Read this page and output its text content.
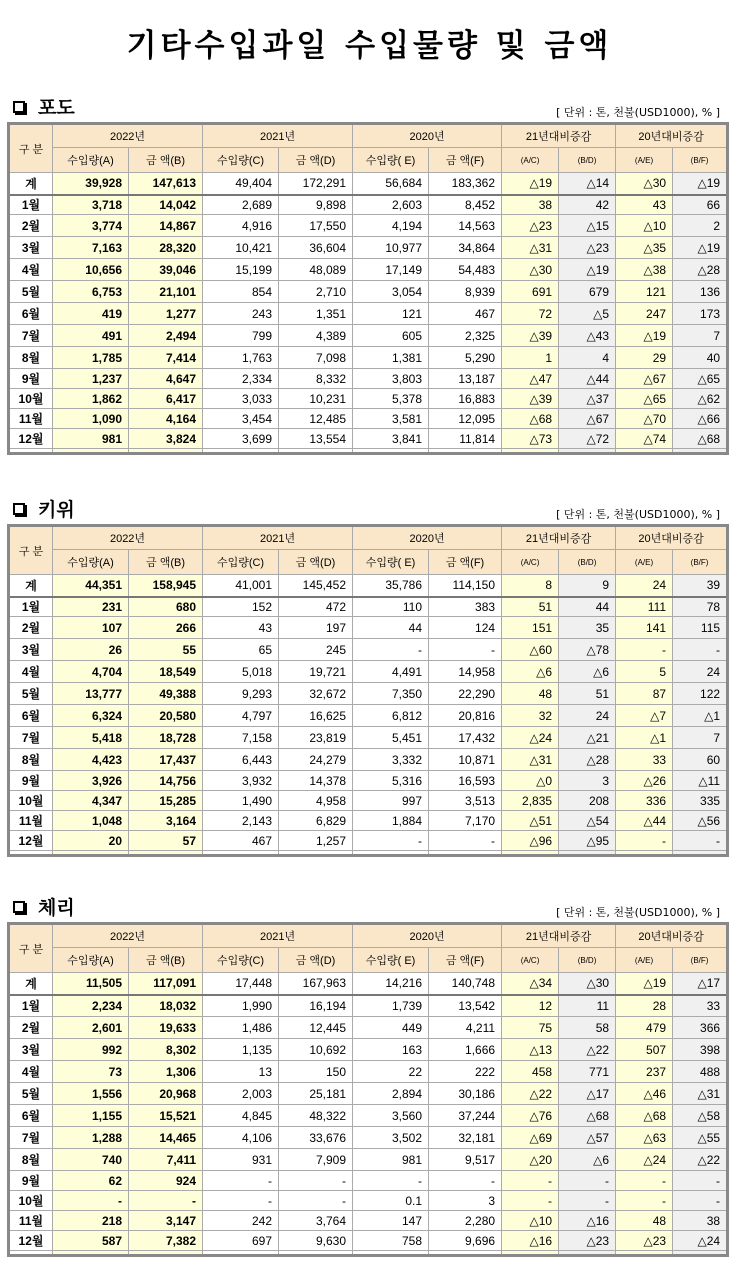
기타수입과일 수입물량 및 금액
포도	[ 단위 : 톤, 천불(USD1000), % ]
구 분	2022년		2021년		2020년		21년대비증감		20년대비증감	
	수입량(A)	금 액(B)	수입량(C)	금 액(D)	수입량( E)	금 액(F)	(A/C)	(B/D)	(A/E)	(B/F)
계	39,928	147,613	49,404	172,291	56,684	183,362	△19	△14	△30	△19
1월	3,718	14,042	2,689	9,898	2,603	8,452	38	42	43	66
2월	3,774	14,867	4,916	17,550	4,194	14,563	△23	△15	△10	2
3월	7,163	28,320	10,421	36,604	10,977	34,864	△31	△23	△35	△19
4월	10,656	39,046	15,199	48,089	17,149	54,483	△30	△19	△38	△28
5월	6,753	21,101	854	2,710	3,054	8,939	691	679	121	136
6월	419	1,277	243	1,351	121	467	72	△5	247	173
7월	491	2,494	799	4,389	605	2,325	△39	△43	△19	7
8월	1,785	7,414	1,763	7,098	1,381	5,290	1	4	29	40
9월	1,237	4,647	2,334	8,332	3,803	13,187	△47	△44	△67	△65
10월	1,862	6,417	3,033	10,231	5,378	16,883	△39	△37	△65	△62
11월	1,090	4,164	3,454	12,485	3,581	12,095	△68	△67	△70	△66
12월	981	3,824	3,699	13,554	3,841	11,814	△73	△72	△74	△68

키위	[ 단위 : 톤, 천불(USD1000), % ]
구 분	2022년		2021년		2020년		21년대비증감		20년대비증감	
	수입량(A)	금 액(B)	수입량(C)	금 액(D)	수입량( E)	금 액(F)	(A/C)	(B/D)	(A/E)	(B/F)
계	44,351	158,945	41,001	145,452	35,786	114,150	8	9	24	39
1월	231	680	152	472	110	383	51	44	111	78
2월	107	266	43	197	44	124	151	35	141	115
3월	26	55	65	245	-	-	△60	△78	-	-
4월	4,704	18,549	5,018	19,721	4,491	14,958	△6	△6	5	24
5월	13,777	49,388	9,293	32,672	7,350	22,290	48	51	87	122
6월	6,324	20,580	4,797	16,625	6,812	20,816	32	24	△7	△1
7월	5,418	18,728	7,158	23,819	5,451	17,432	△24	△21	△1	7
8월	4,423	17,437	6,443	24,279	3,332	10,871	△31	△28	33	60
9월	3,926	14,756	3,932	14,378	5,316	16,593	△0	3	△26	△11
10월	4,347	15,285	1,490	4,958	997	3,513	2,835	208	336	335
11월	1,048	3,164	2,143	6,829	1,884	7,170	△51	△54	△44	△56
12월	20	57	467	1,257	-	-	△96	△95	-	-

체리	[ 단위 : 톤, 천불(USD1000), % ]
구 분	2022년		2021년		2020년		21년대비증감		20년대비증감	
	수입량(A)	금 액(B)	수입량(C)	금 액(D)	수입량( E)	금 액(F)	(A/C)	(B/D)	(A/E)	(B/F)
계	11,505	117,091	17,448	167,963	14,216	140,748	△34	△30	△19	△17
1월	2,234	18,032	1,990	16,194	1,739	13,542	12	11	28	33
2월	2,601	19,633	1,486	12,445	449	4,211	75	58	479	366
3월	992	8,302	1,135	10,692	163	1,666	△13	△22	507	398
4월	73	1,306	13	150	22	222	458	771	237	488
5월	1,556	20,968	2,003	25,181	2,894	30,186	△22	△17	△46	△31
6월	1,155	15,521	4,845	48,322	3,560	37,244	△76	△68	△68	△58
7월	1,288	14,465	4,106	33,676	3,502	32,181	△69	△57	△63	△55
8월	740	7,411	931	7,909	981	9,517	△20	△6	△24	△22
9월	62	924	-	-	-	-	-	-	-	-
10월	-	-	-	-	0.1	3	-	-	-	-
11월	218	3,147	242	3,764	147	2,280	△10	△16	48	38
12월	587	7,382	697	9,630	758	9,696	△16	△23	△23	△24
